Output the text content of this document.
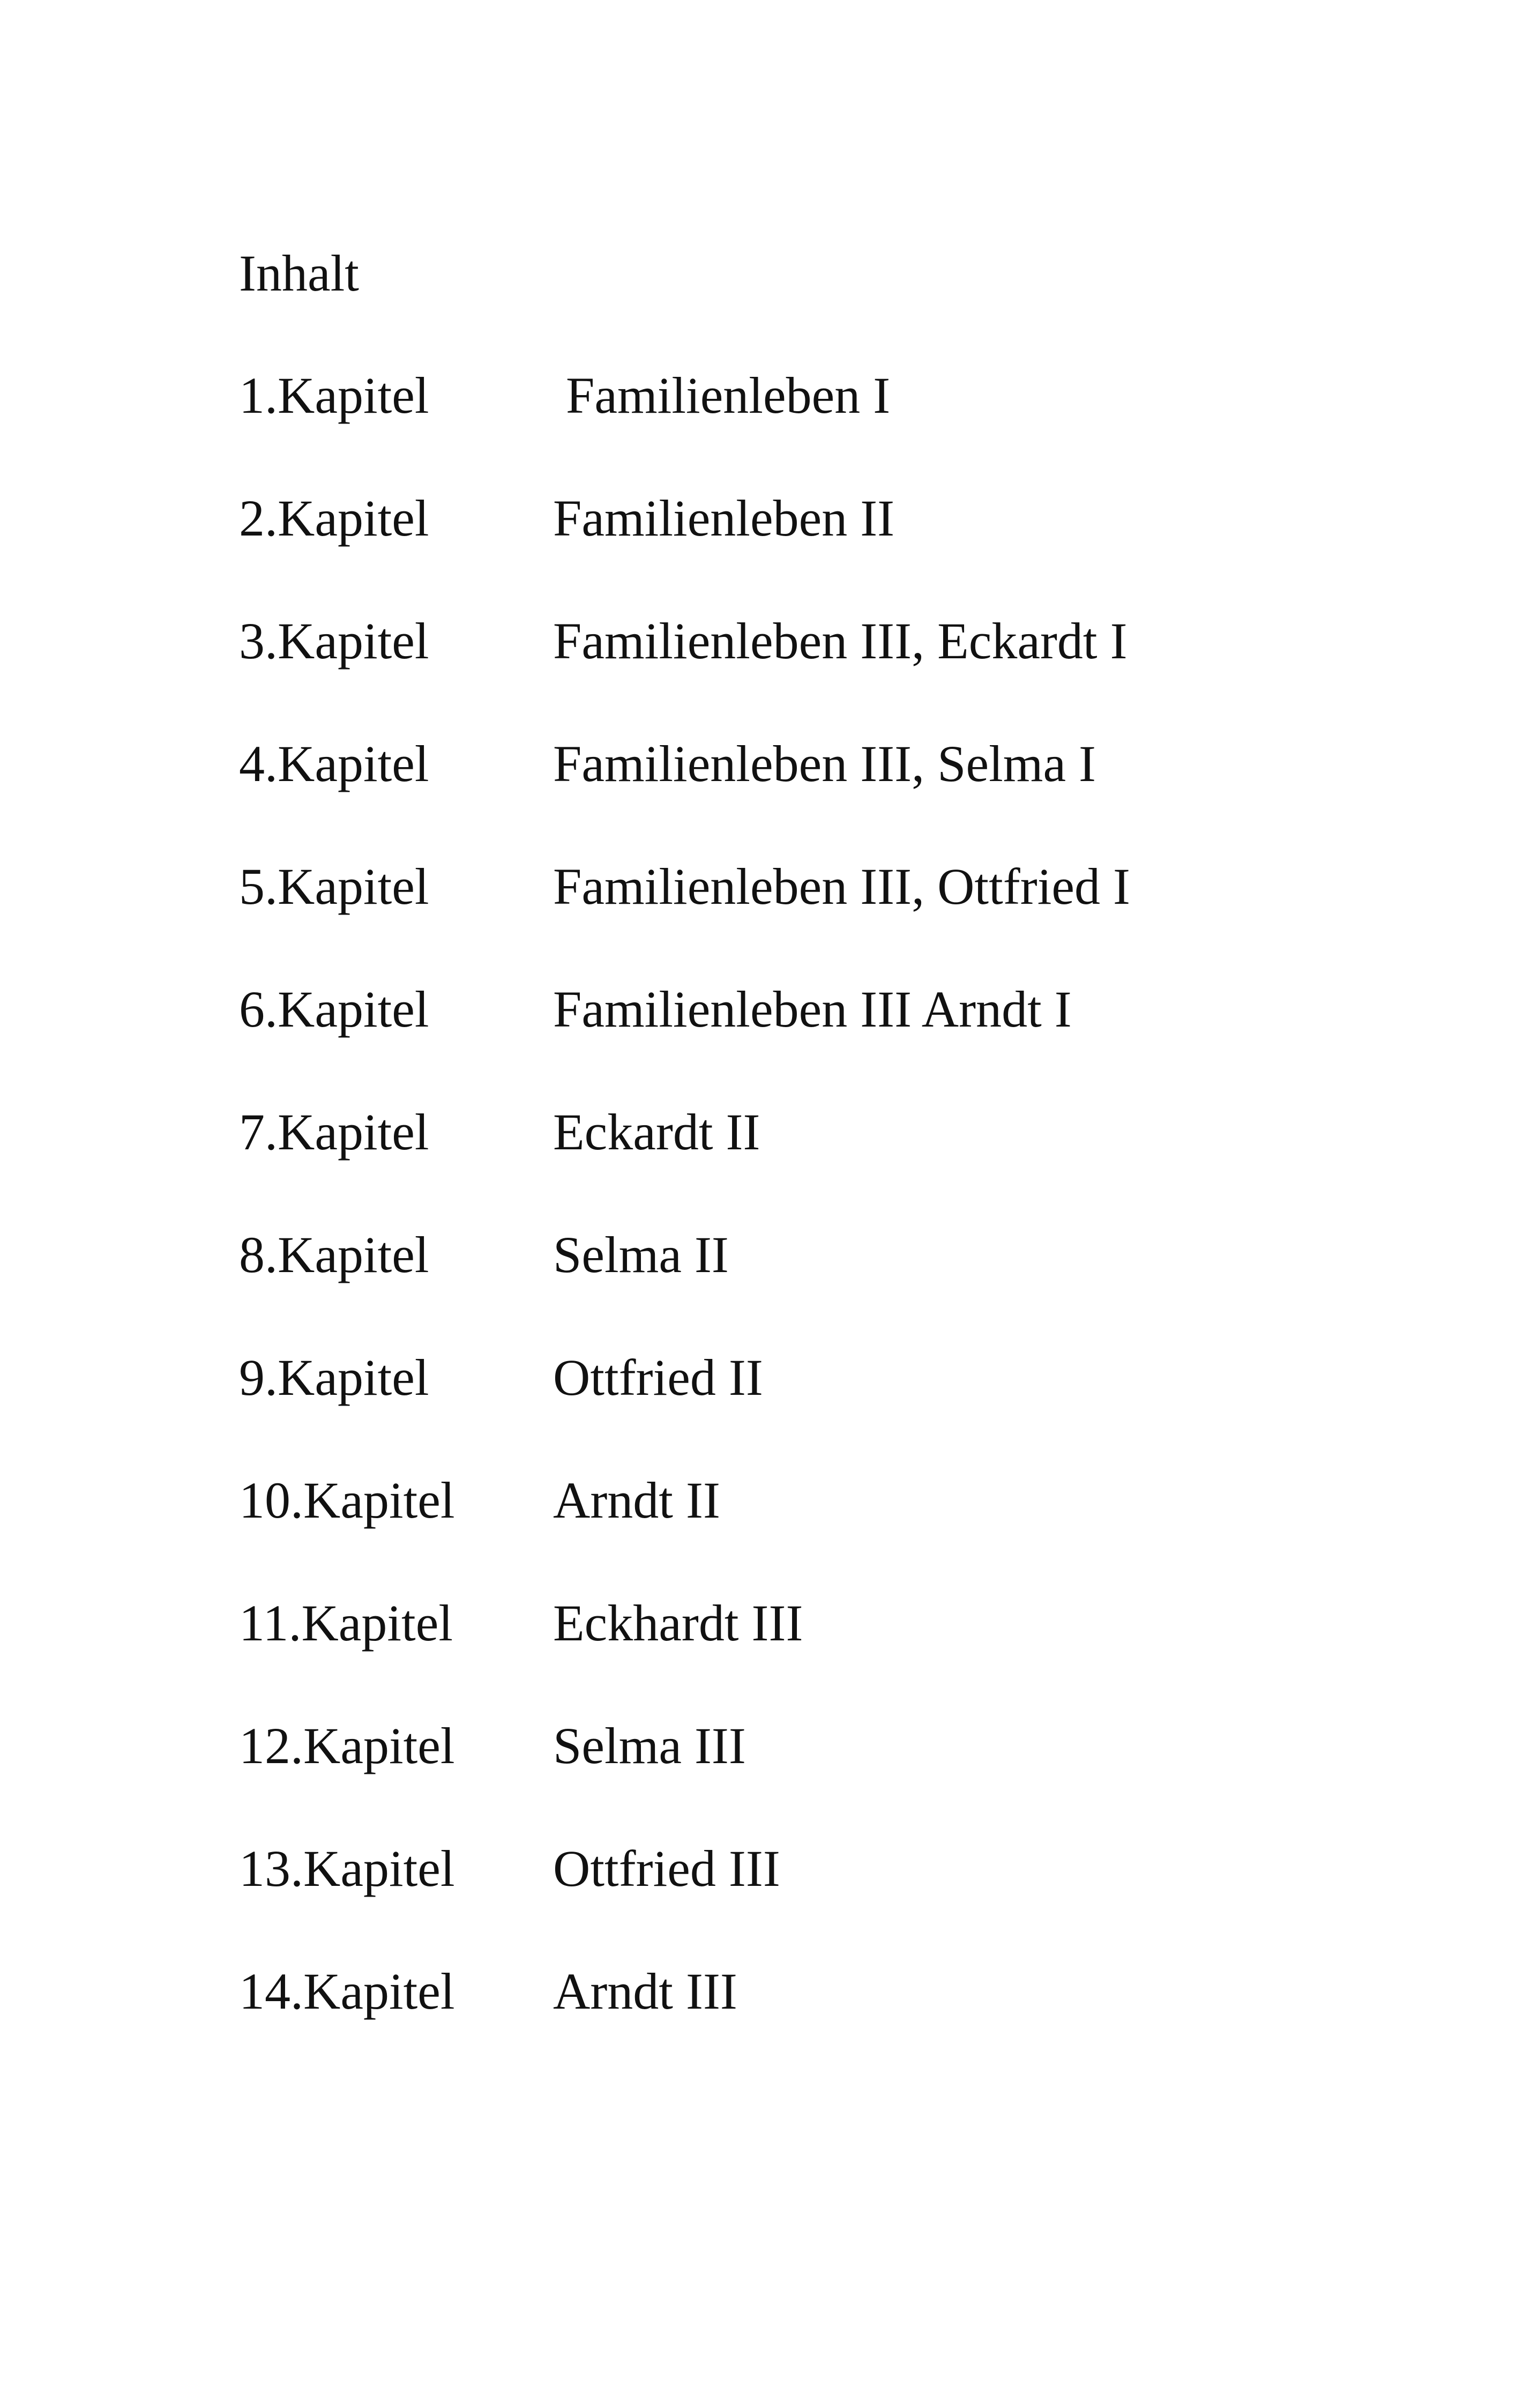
Inhalt
1.Kapitel	Familienleben I
2.Kapitel Familienleben II
3.Kapitel Familienleben III, Eckardt I
4.Kapitel Familienleben III, Selma I
5.Kapitel Familienleben III, Ottfried I
6.Kapitel Familienleben III Arndt I
7.Kapitel Eckardt II
8.Kapitel Selma II
9.Kapitel Ottfried II
10.Kapitel Arndt II
11.Kapitel Eckhardt III
12.Kapitel Selma III
13.Kapitel Ottfried III
14.Kapitel Arndt III
